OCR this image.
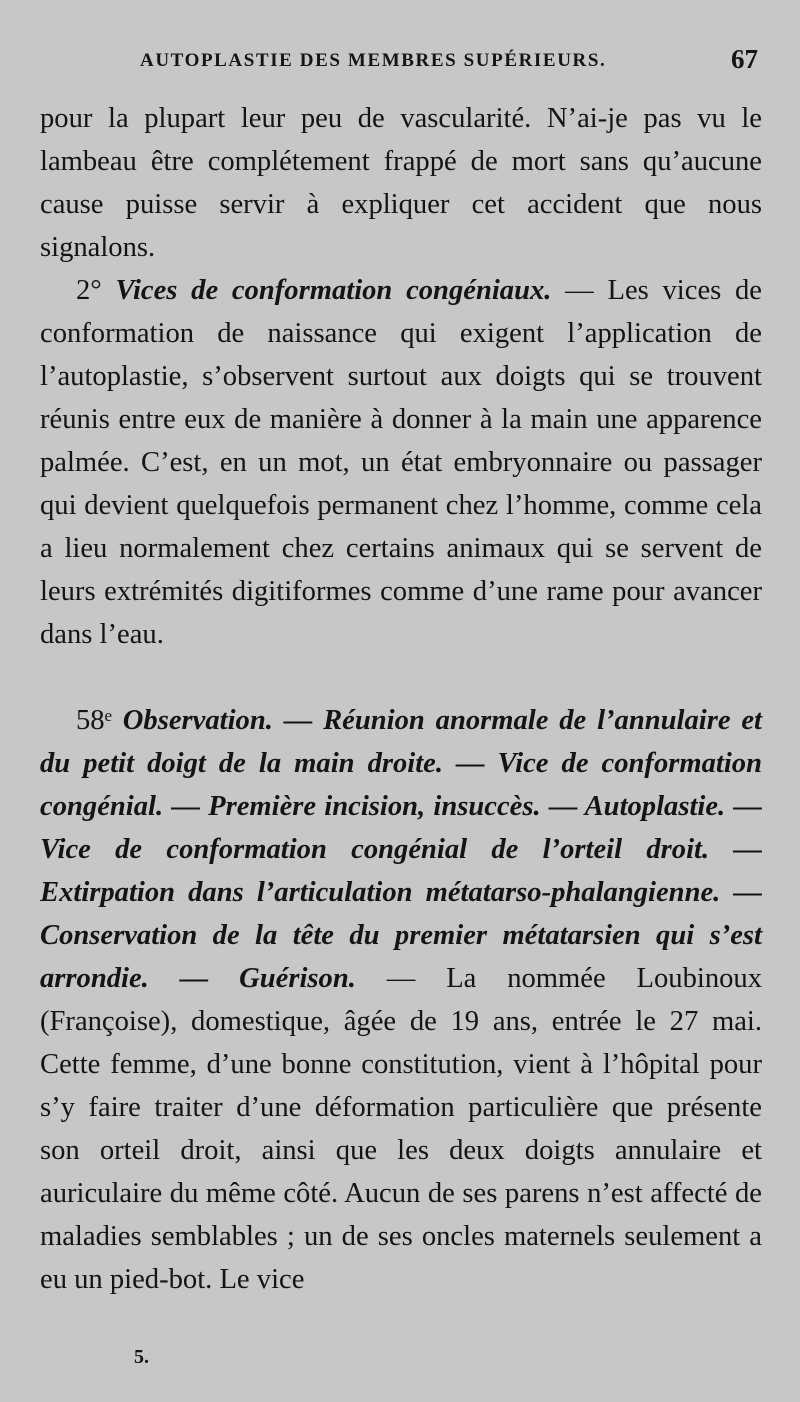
AUTOPLASTIE DES MEMBRES SUPÉRIEURS.	67

pour la plupart leur peu de vascularité. N’ai-je pas vu le lambeau être complétement frappé de mort sans qu’aucune cause puisse servir à expliquer cet accident que nous signalons.

2° Vices de conformation congéniaux. — Les vices de conformation de naissance qui exigent l’application de l’autoplastie, s’observent surtout aux doigts qui se trouvent réunis entre eux de manière à donner à la main une apparence palmée. C’est, en un mot, un état embryonnaire ou passager qui devient quelquefois permanent chez l’homme, comme cela a lieu normalement chez certains animaux qui se servent de leurs extrémités digitiformes comme d’une rame pour avancer dans l’eau.

58ᵉ Observation. — Réunion anormale de l’annulaire et du petit doigt de la main droite. — Vice de conformation congénial. — Première incision, insuccès. — Autoplastie. — Vice de conformation congénial de l’orteil droit. — Extirpation dans l’articulation métatarso-phalangienne. — Conservation de la tête du premier métatarsien qui s’est arrondie. — Guérison. — La nommée Loubinoux (Françoise), domestique, âgée de 19 ans, entrée le 27 mai. Cette femme, d’une bonne constitution, vient à l’hôpital pour s’y faire traiter d’une déformation particulière que présente son orteil droit, ainsi que les deux doigts annulaire et auriculaire du même côté. Aucun de ses parens n’est affecté de maladies semblables ; un de ses oncles maternels seulement a eu un pied-bot. Le vice

5.
